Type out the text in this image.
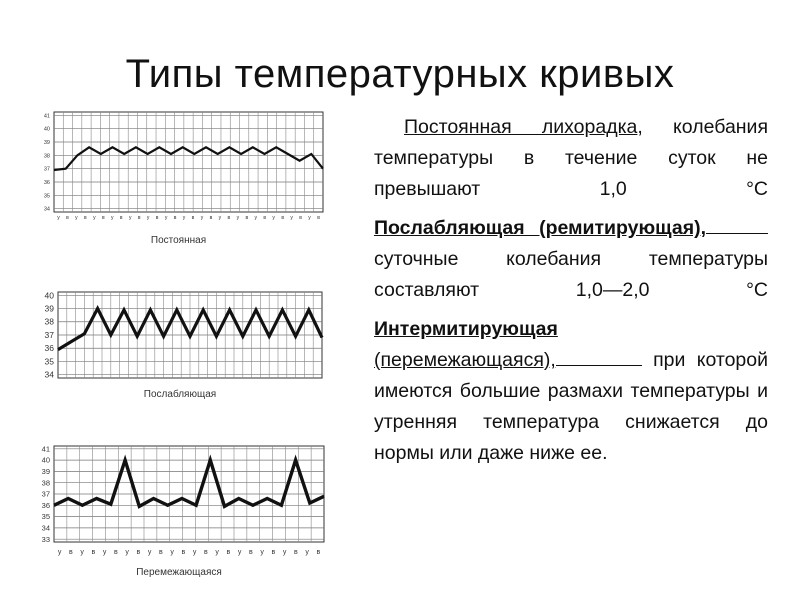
Типы температурных кривых
41
40
39
38
37
36
35
34
у в у в у в у в у в у в у в у в у в у в у в у в у в у в у в
Постоянная
40
39
38
37
36
35
34
Послабляющая
41
40
39
38
37
36
35
34
33
у в у в у в у в у в у в у в у в у в у в у в у в
Перемежающаяся

Постоянная лихорадка, колебания температуры в течение суток не превышают 1,0 °С

Послабляющая (ремитирующая), суточные колебания температуры составляют 1,0—2,0 °С

Интермитирующая
(перемежающаяся),	при которой имеются большие размахи температуры и утренняя температура снижается до нормы или даже ниже ее.
